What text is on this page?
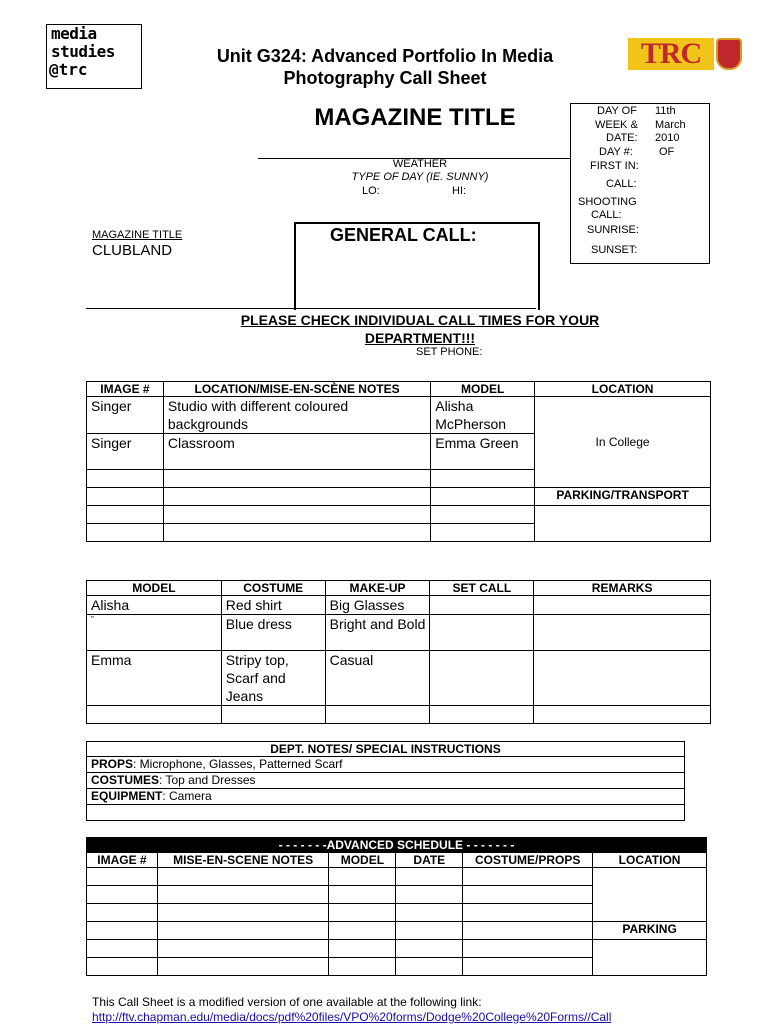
media
studies
@trc	TRC
Unit G324: Advanced Portfolio In Media
Photography Call Sheet
MAGAZINE TITLE
WEATHER
TYPE OF DAY (IE. SUNNY)
LO:	HI:
DAY OF 11th
WEEK & March
DATE: 2010
DAY #: OF
FIRST IN:
CALL:
SHOOTING
CALL:
SUNRISE:
SUNSET:
MAGAZINE TITLE
CLUBLAND
GENERAL CALL:
PLEASE CHECK INDIVIDUAL CALL TIMES FOR YOUR
DEPARTMENT!!!
SET PHONE:
IMAGE #	LOCATION/MISE-EN-SCÈNE NOTES	MODEL	LOCATION
Singer	Studio with different coloured backgrounds	Alisha McPherson	In College
Singer	Classroom	Emma Green	

			PARKING/TRANSPORT

MODEL	COSTUME	MAKE-UP	SET CALL	REMARKS
Alisha	Red shirt	Big Glasses		
"	Blue dress	Bright and Bold		
Emma	Stripy top, Scarf and Jeans	Casual		

DEPT. NOTES/ SPECIAL INSTRUCTIONS
PROPS: Microphone, Glasses, Patterned Scarf
COSTUMES: Top and Dresses
EQUIPMENT: Camera

- - - - - - -ADVANCED SCHEDULE - - - - - - -					
IMAGE #	MISE-EN-SCENE NOTES	MODEL	DATE	COSTUME/PROPS	LOCATION

					PARKING

This Call Sheet is a modified version of one available at the following link:
http://ftv.chapman.edu/media/docs/pdf%20files/VPO%20forms/Dodge%20College%20Forms//Call
